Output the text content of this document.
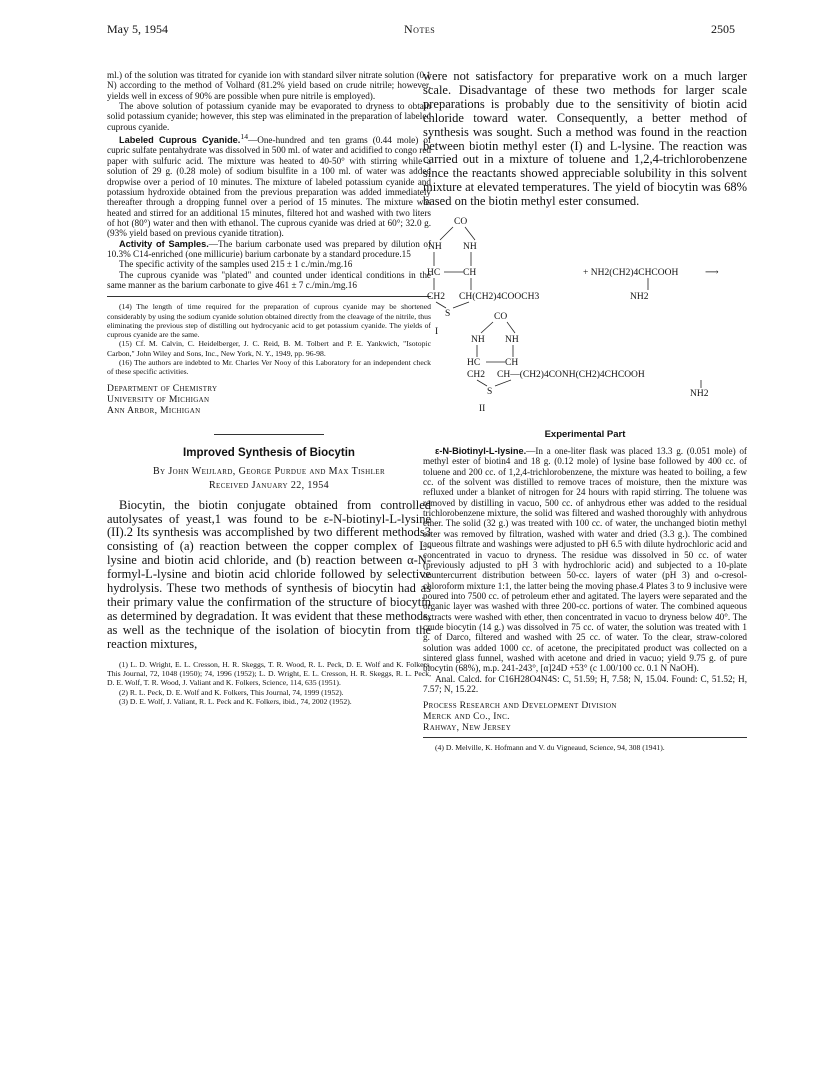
May 5, 1954	Notes	2505

ml.) of the solution was titrated for cyanide ion with standard silver nitrate solution (0.1 N) according to the method of Volhard (81.2% yield based on crude nitrile; however, yields well in excess of 90% are possible when pure nitrile is employed).

The above solution of potassium cyanide may be evaporated to dryness to obtain solid potassium cyanide; however, this step was eliminated in the preparation of labeled cuprous cyanide.

Labeled Cuprous Cyanide.$^{14}$—One-hundred and ten grams (0.44 mole) of cupric sulfate pentahydrate was dissolved in 500 ml. of water and acidified to congo red paper with sulfuric acid. The mixture was heated to 40-50° with stirring while a solution of 29 g. (0.28 mole) of sodium bisulfite in a 100 ml. of water was added dropwise over a period of 10 minutes. The mixture of labeled potassium cyanide and potassium hydroxide obtained from the previous preparation was added immediately thereafter through a dropping funnel over a period of 15 minutes. The mixture was heated and stirred for an additional 15 minutes, filtered hot and washed with two liters of hot (80°) water and then with ethanol. The cuprous cyanide was dried at 60°; 32.0 g. (93% yield based on previous cyanide titration).

Activity of Samples.—The barium carbonate used was prepared by dilution of 10.3% C14-enriched (one millicurie) barium carbonate by a standard procedure.15

The specific activity of the samples used 215 ± 1 c./min./mg.16

The cuprous cyanide was "plated" and counted under identical conditions in the same manner as the barium carbonate to give 461 ± 7 c./min./mg.16

(14) The length of time required for the preparation of cuprous cyanide may be shortened considerably by using the sodium cyanide solution obtained directly from the cleavage of the nitrile, thus eliminating the previous step of distilling out hydrocyanic acid to get potassium cyanide. The yields of cuprous cyanide are the same.

(15) Cf. M. Calvin, C. Heidelberger, J. C. Reid, B. M. Tolbert and P. E. Yankwich, "Isotopic Carbon," John Wiley and Sons, Inc., New York, N. Y., 1949, pp. 96-98.

(16) The authors are indebted to Mr. Charles Ver Nooy of this Laboratory for an independent check of these specific activities.

Department of Chemistry
University of Michigan
Ann Arbor, Michigan
Improved Synthesis of Biocytin
By John Weijlard, George Purdue and Max Tishler
Received January 22, 1954

Biocytin, the biotin conjugate obtained from controlled autolysates of yeast,1 was found to be ε-N-biotinyl-L-lysine (II).2 Its synthesis was accomplished by two different methods3 consisting of (a) reaction between the copper complex of L-lysine and biotin acid chloride, and (b) reaction between α-N-formyl-L-lysine and biotin acid chloride followed by selective hydrolysis. These two methods of synthesis of biocytin had as their primary value the confirmation of the structure of biocytin as determined by degradation. It was evident that these methods, as well as the technique of the isolation of biocytin from the reaction mixtures,

(1) L. D. Wright, E. L. Cresson, H. R. Skeggs, T. R. Wood, R. L. Peck, D. E. Wolf and K. Folkers, This Journal, 72, 1048 (1950); 74, 1996 (1952); L. D. Wright, E. L. Cresson, H. R. Skeggs, R. L. Peck, D. E. Wolf, T. R. Wood, J. Valiant and K. Folkers, Science, 114, 635 (1951).

(2) R. L. Peck, D. E. Wolf and K. Folkers, This Journal, 74, 1999 (1952).

(3) D. E. Wolf, J. Valiant, R. L. Peck and K. Folkers, ibid., 74, 2002 (1952).

were not satisfactory for preparative work on a much larger scale. Disadvantage of these two methods for larger scale preparations is probably due to the sensitivity of biotin acid chloride toward water. Consequently, a better method of synthesis was sought. Such a method was found in the reaction between biotin methyl ester (I) and L-lysine. The reaction was carried out in a mixture of toluene and 1,2,4-trichlorobenzene since the reactants showed appreciable solubility in this solvent mixture at elevated temperatures. The yield of biocytin was 68% based on the biotin methyl ester consumed.

CO
NH NH
HC CH
CH2 CH(CH2)4COOCH3
S
I
+ NH2(CH2)4CHCOOH	⟶
NH2
CO
NH NH
HC	CH
CH2 CH—(CH2)4CONH(CH2)4CHCOOH
S	NH2
II
Experimental Part

ε-N-Biotinyl-L-lysine.—In a one-liter flask was placed 13.3 g. (0.051 mole) of methyl ester of biotin4 and 18 g. (0.12 mole) of lysine base followed by 400 cc. of toluene and 200 cc. of 1,2,4-trichlorobenzene, the mixture was heated to boiling, a few cc. of the solvent was distilled to remove traces of moisture, then the mixture was refluxed under a blanket of nitrogen for 24 hours with rapid stirring. The toluene was removed by distilling in vacuo, 500 cc. of anhydrous ether was added to the residual trichlorobenzene mixture, the solid was filtered and washed thoroughly with anhydrous ether. The solid (32 g.) was treated with 100 cc. of water, the unchanged biotin methyl ester was removed by filtration, washed with water and dried (3.3 g.). The combined aqueous filtrate and washings were adjusted to pH 6.5 with dilute hydrochloric acid and concentrated in vacuo to dryness. The residue was dissolved in 50 cc. of water (previously adjusted to pH 3 with hydrochloric acid) and subjected to a 10-plate countercurrent distribution between 50-cc. layers of water (pH 3) and o-cresol-chloroform mixture 1:1, the latter being the moving phase.4 Plates 3 to 9 inclusive were poured into 7500 cc. of petroleum ether and agitated. The layers were separated and the organic layer was washed with three 200-cc. portions of water. The combined aqueous extracts were washed with ether, then concentrated in vacuo to dryness below 40°. The crude biocytin (14 g.) was dissolved in 75 cc. of water, the solution was treated with 1 g. of Darco, filtered and washed with 25 cc. of water. To the clear, straw-colored solution was added 1000 cc. of acetone, the precipitated product was collected on a sintered glass funnel, washed with acetone and dried in vacuo; yield 9.75 g. of pure biocytin (68%), m.p. 241-243°, [α]24D +53° (c 1.00/100 cc. 0.1 N NaOH).

Anal. Calcd. for C16H28O4N4S: C, 51.59; H, 7.58; N, 15.04. Found: C, 51.52; H, 7.57; N, 15.22.

Process Research and Development Division
Merck and Co., Inc.
Rahway, New Jersey

(4) D. Melville, K. Hofmann and V. du Vigneaud, Science, 94, 308 (1941).
